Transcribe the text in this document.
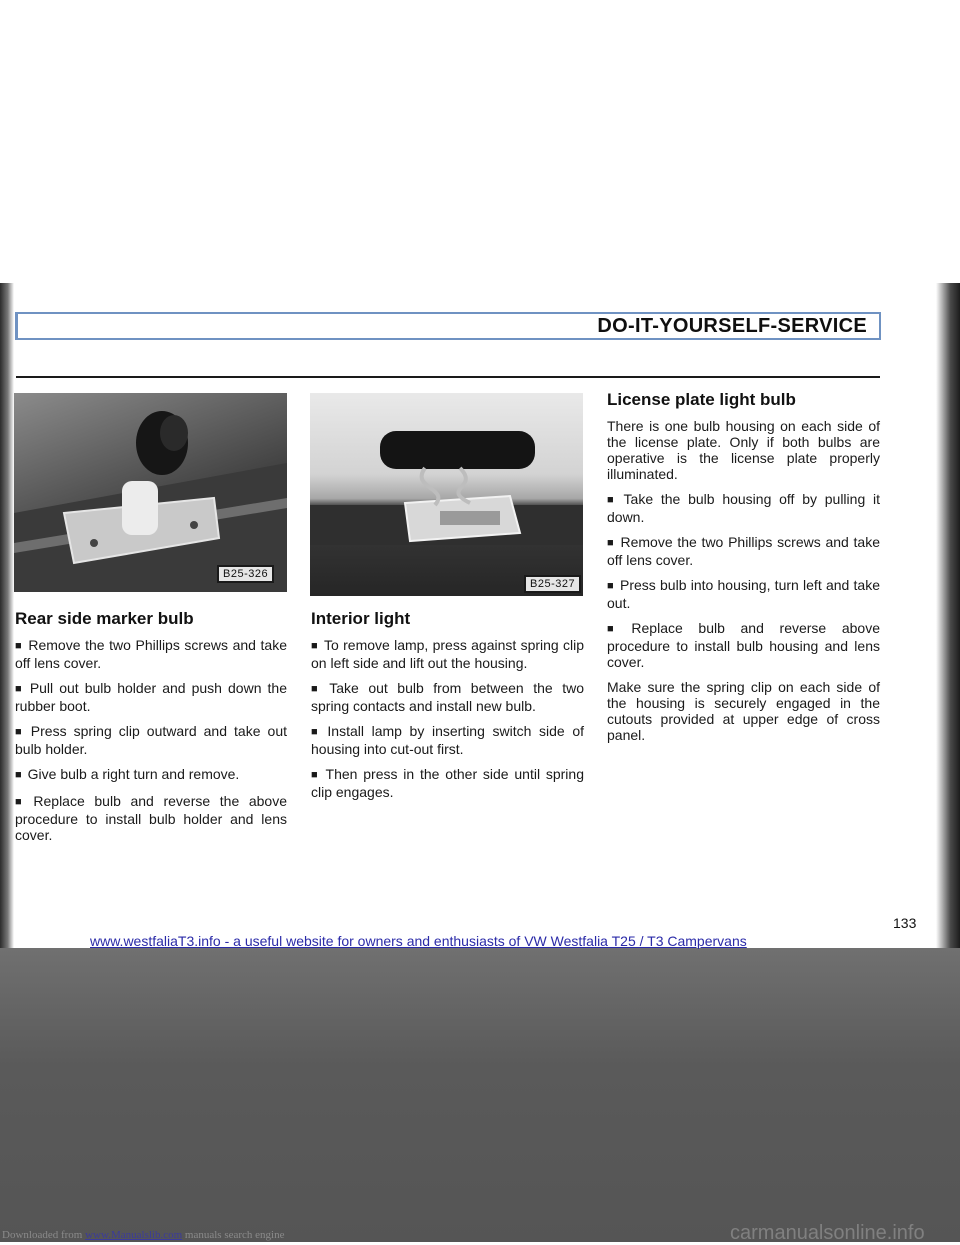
DO-IT-YOURSELF-SERVICE
B25-326
B25-327
Rear side marker bulb

■ Remove the two Phillips screws and take off lens cover.

■ Pull out bulb holder and push down the rubber boot.

■ Press spring clip outward and take out bulb holder.

■ Give bulb a right turn and remove.

■ Replace bulb and reverse the above procedure to install bulb holder and lens cover.

Interior light

■ To remove lamp, press against spring clip on left side and lift out the housing.

■ Take out bulb from between the two spring contacts and install new bulb.

■ Install lamp by inserting switch side of housing into cut-out first.

■ Then press in the other side until spring clip engages.

License plate light bulb

There is one bulb housing on each side of the license plate. Only if both bulbs are operative is the license plate properly illuminated.

■ Take the bulb housing off by pulling it down.

■ Remove the two Phillips screws and take off lens cover.

■ Press bulb into housing, turn left and take out.

■ Replace bulb and reverse above procedure to install bulb housing and lens cover.

Make sure the spring clip on each side of the housing is securely engaged in the cutouts provided at upper edge of cross panel.

133
www.westfaliaT3.info - a useful website for owners and enthusiasts of VW Westfalia T25 / T3 Campervans
Downloaded from www.Manualslib.com manuals search engine	carmanualsonline.info
